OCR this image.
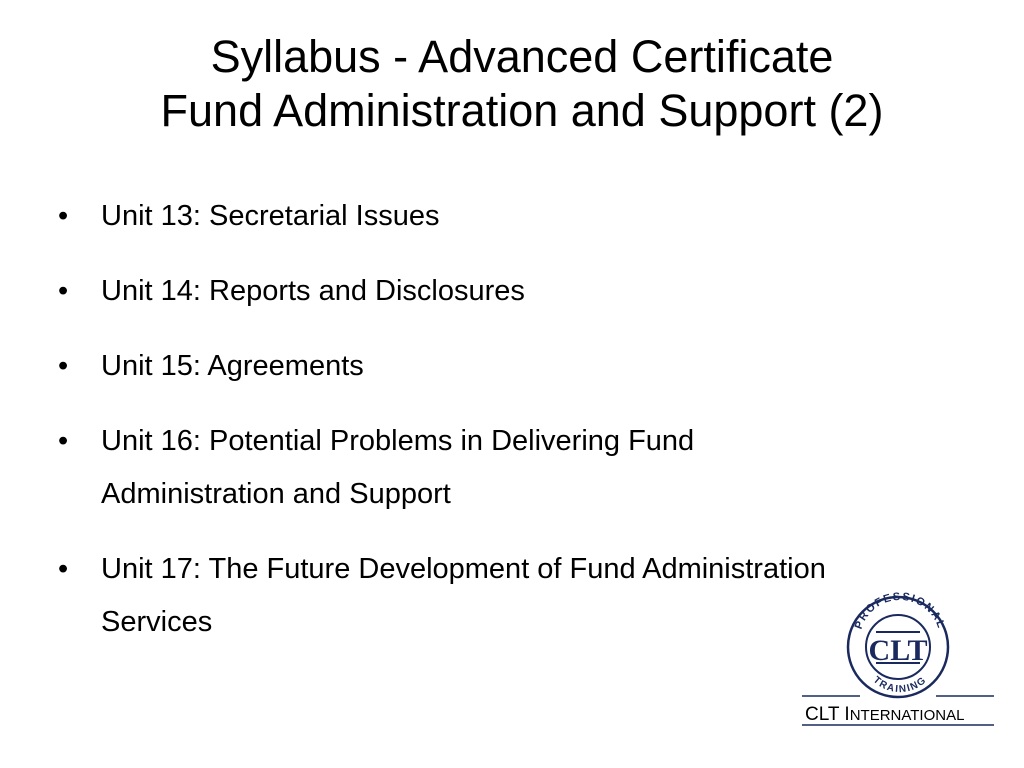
Syllabus - Advanced Certificate
Fund Administration and Support (2)
• Unit 13: Secretarial Issues
• Unit 14: Reports and Disclosures
• Unit 15: Agreements
• Unit 16: Potential Problems in Delivering Fund Administration and Support
• Unit 17: The Future Development of Fund Administration Services	PROFESSIONAL
TRAINING
CLT
CLT INTERNATIONAL
